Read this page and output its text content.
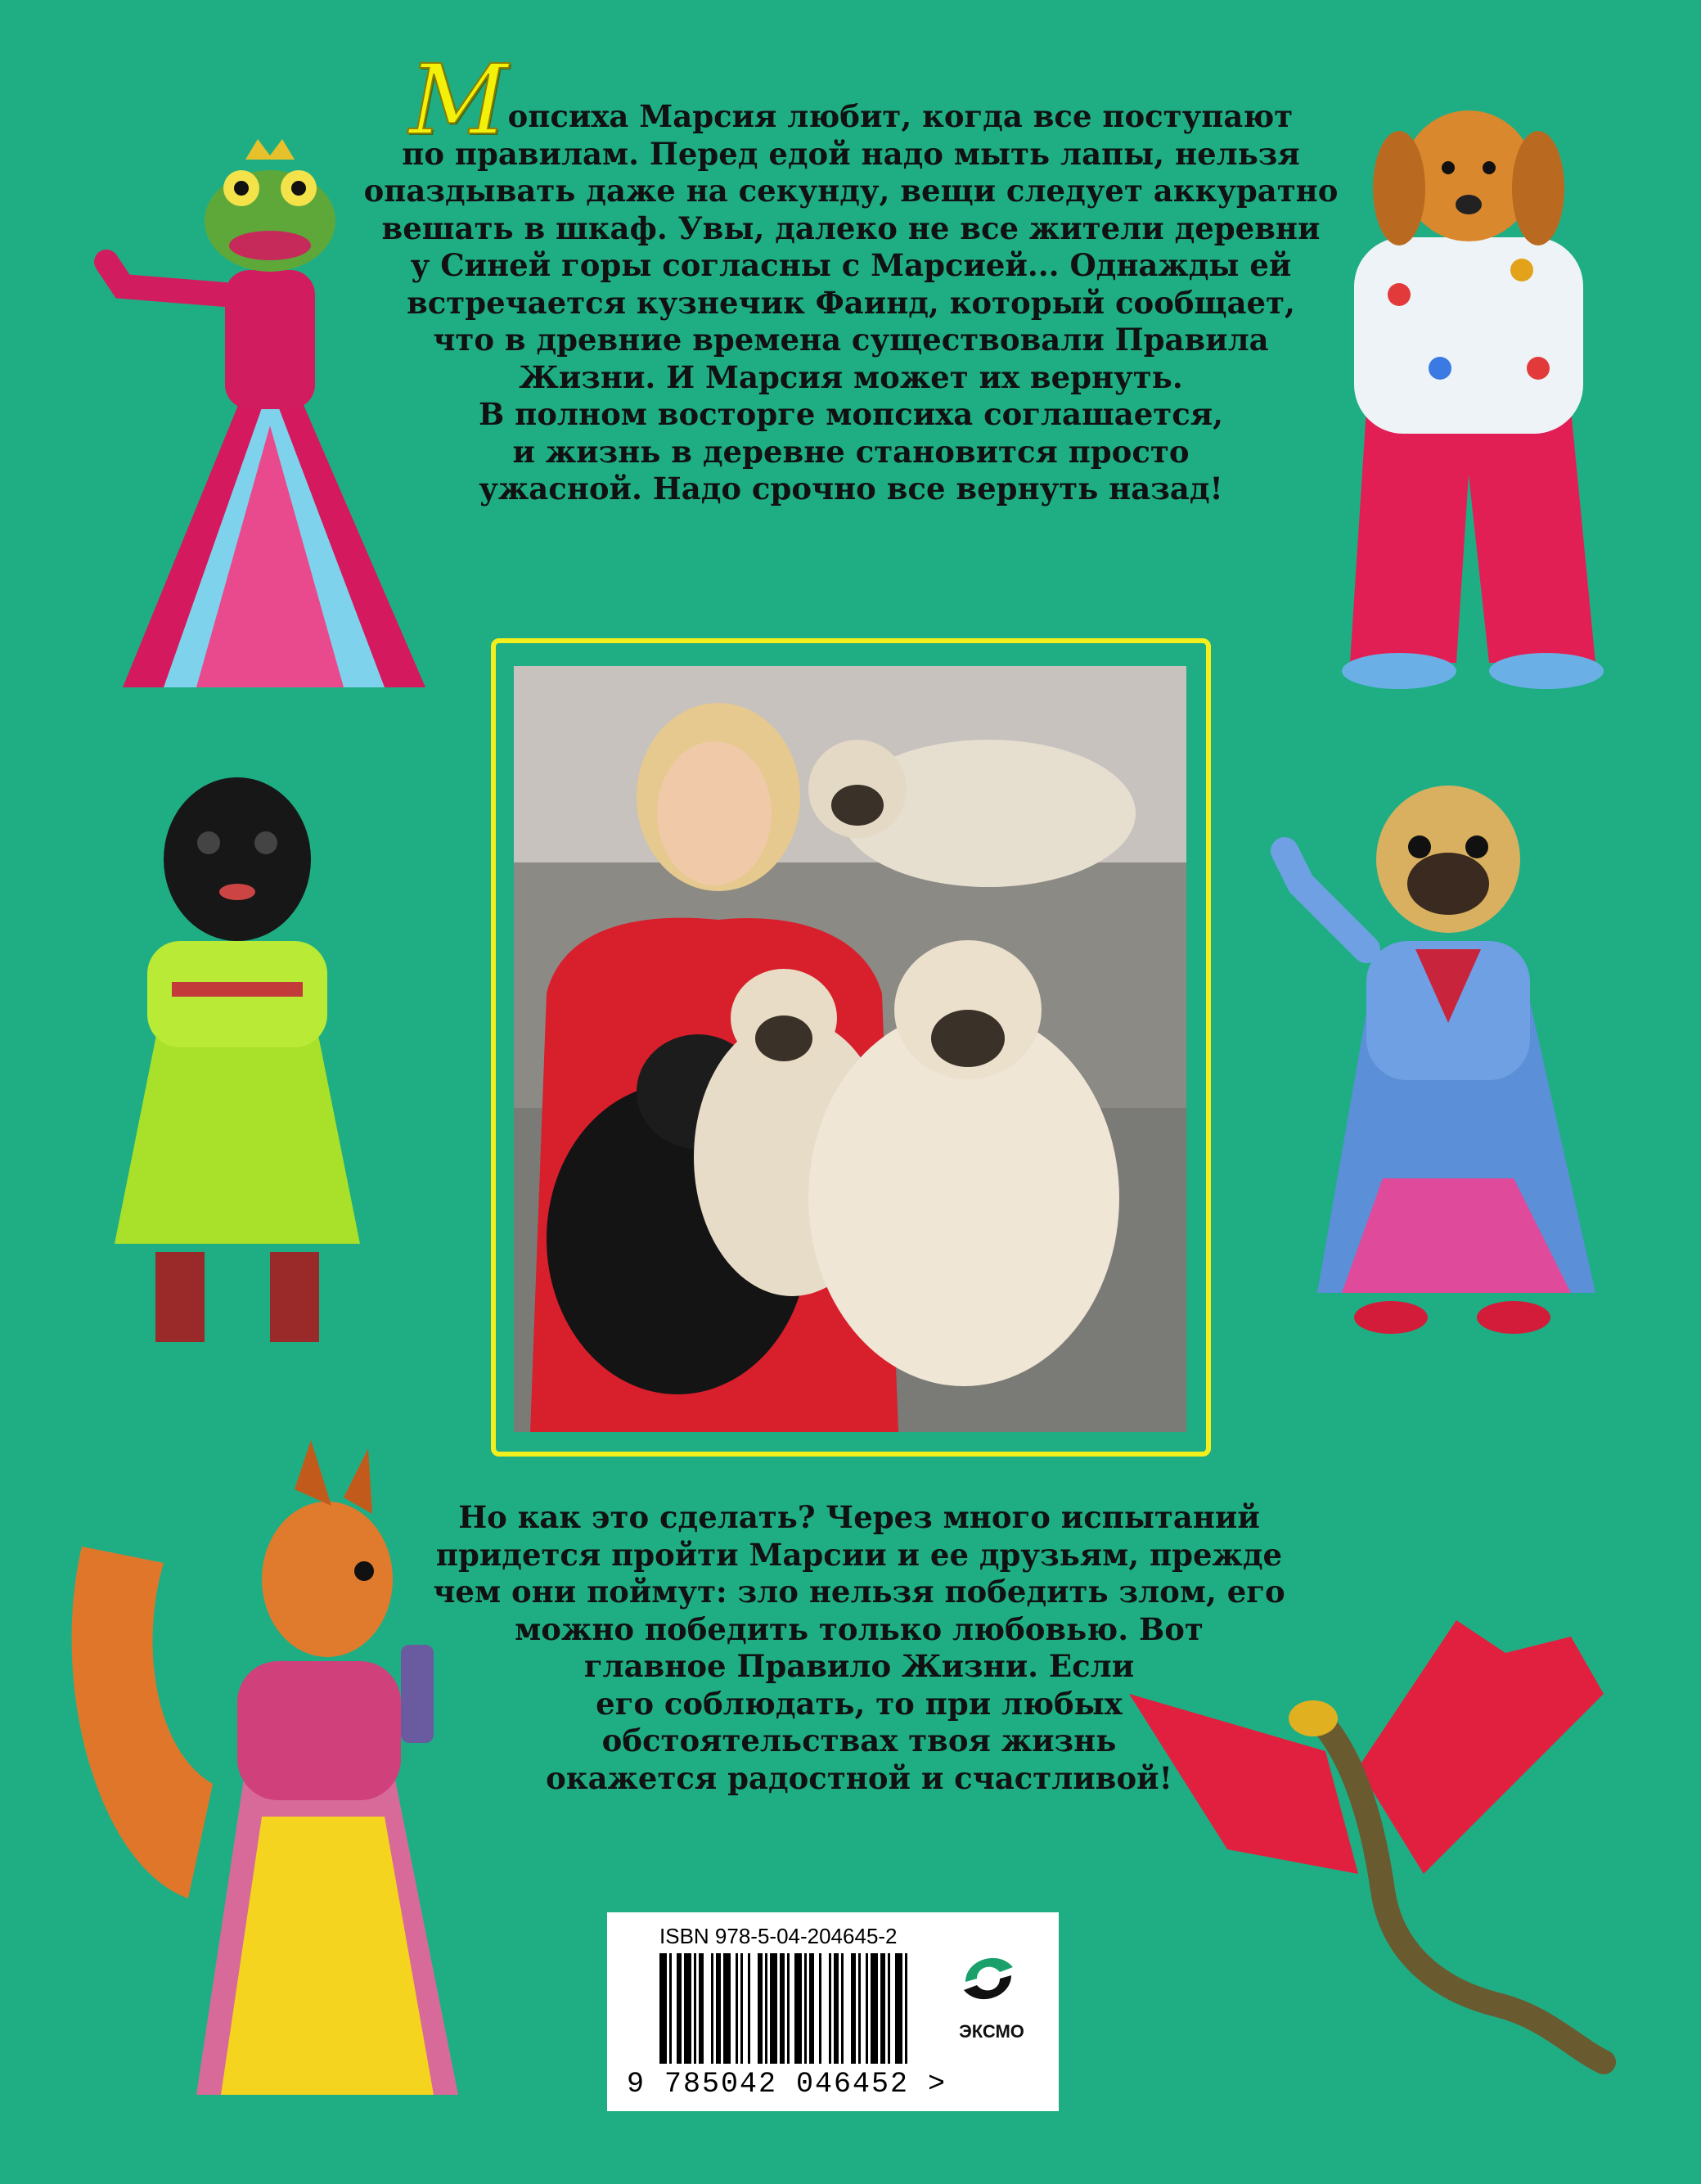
Мопсиха Марсия любит, когда все поступают
по правилам. Перед едой надо мыть лапы, нельзя
опаздывать даже на секунду, вещи следует аккуратно
вешать в шкаф. Увы, далеко не все жители деревни
у Синей горы согласны с Марсией... Однажды ей
встречается кузнечик Фаинд, который сообщает,
что в древние времена существовали Правила
Жизни. И Марсия может их вернуть.
В полном восторге мопсиха соглашается,
и жизнь в деревне становится просто
ужасной. Надо срочно все вернуть назад!
Но как это сделать? Через много испытаний
придется пройти Марсии и ее друзьям, прежде
чем они поймут: зло нельзя победить злом, его
можно победить только любовью. Вот
главное Правило Жизни. Если
его соблюдать, то при любых
обстоятельствах твоя жизнь
окажется радостной и счастливой!
ISBN 978-5-04-204645-2
9 785042 046452 >
ЭКСМО
